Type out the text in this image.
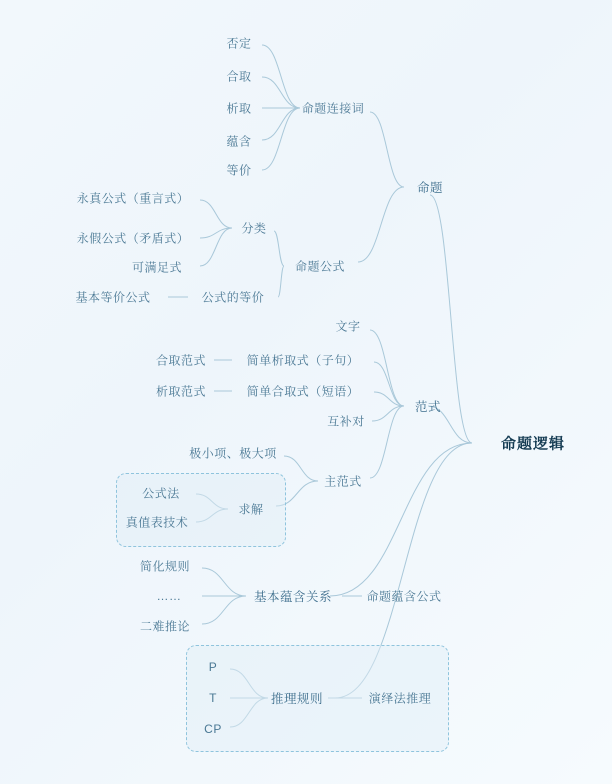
命题逻辑
命题
命题连接词
否定
合取
析取
蕴含
等价
命题公式
分类
永真公式（重言式）
永假公式（矛盾式）
可满足式
公式的等价
基本等价公式
范式
文字
简单析取式（子句）
合取范式
简单合取式（短语）
析取范式
互补对
主范式
极小项、极大项
求解
公式法
真值表技术
基本蕴含关系
简化规则
……
二难推论
命题蕴含公式
推理规则
P
T
CP
演绎法推理
